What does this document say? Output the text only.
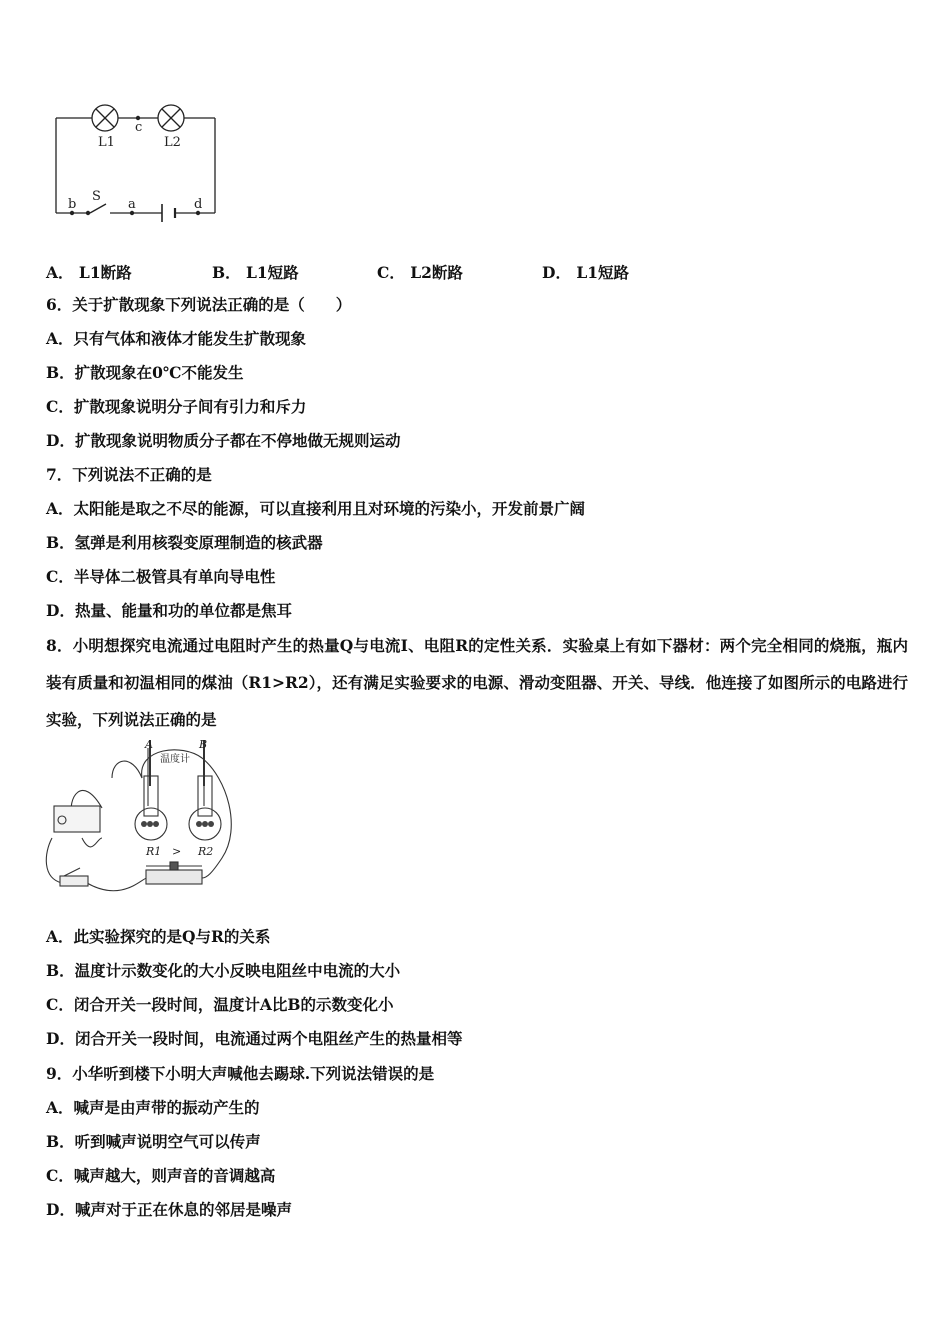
c
L1	L2
b
S
a	d
A． L1断路	B． L1短路	C． L2断路	D． L1短路
6．关于扩散现象下列说法正确的是（　　）
A．只有气体和液体才能发生扩散现象
B．扩散现象在0℃不能发生
C．扩散现象说明分子间有引力和斥力
D．扩散现象说明物质分子都在不停地做无规则运动
7．下列说法不正确的是
A．太阳能是取之不尽的能源，可以直接利用且对环境的污染小，开发前景广阔
B．氢弹是利用核裂变原理制造的核武器
C．半导体二极管具有单向导电性
D．热量、能量和功的单位都是焦耳
8．小明想探究电流通过电阻时产生的热量Q与电流I、电阻R的定性关系．实验桌上有如下器材：两个完全相同的烧瓶，瓶内装有质量和初温相同的煤油（R1>R2），还有满足实验要求的电源、滑动变阻器、开关、导线．他连接了如图所示的电路进行实验，下列说法正确的是
A	B
R1 > R2
温度计
A．此实验探究的是Q与R的关系
B．温度计示数变化的大小反映电阻丝中电流的大小
C．闭合开关一段时间，温度计A比B的示数变化小
D．闭合开关一段时间，电流通过两个电阻丝产生的热量相等
9．小华听到楼下小明大声喊他去踢球.下列说法错误的是
A．喊声是由声带的振动产生的
B．听到喊声说明空气可以传声
C．喊声越大，则声音的音调越高
D．喊声对于正在休息的邻居是噪声
